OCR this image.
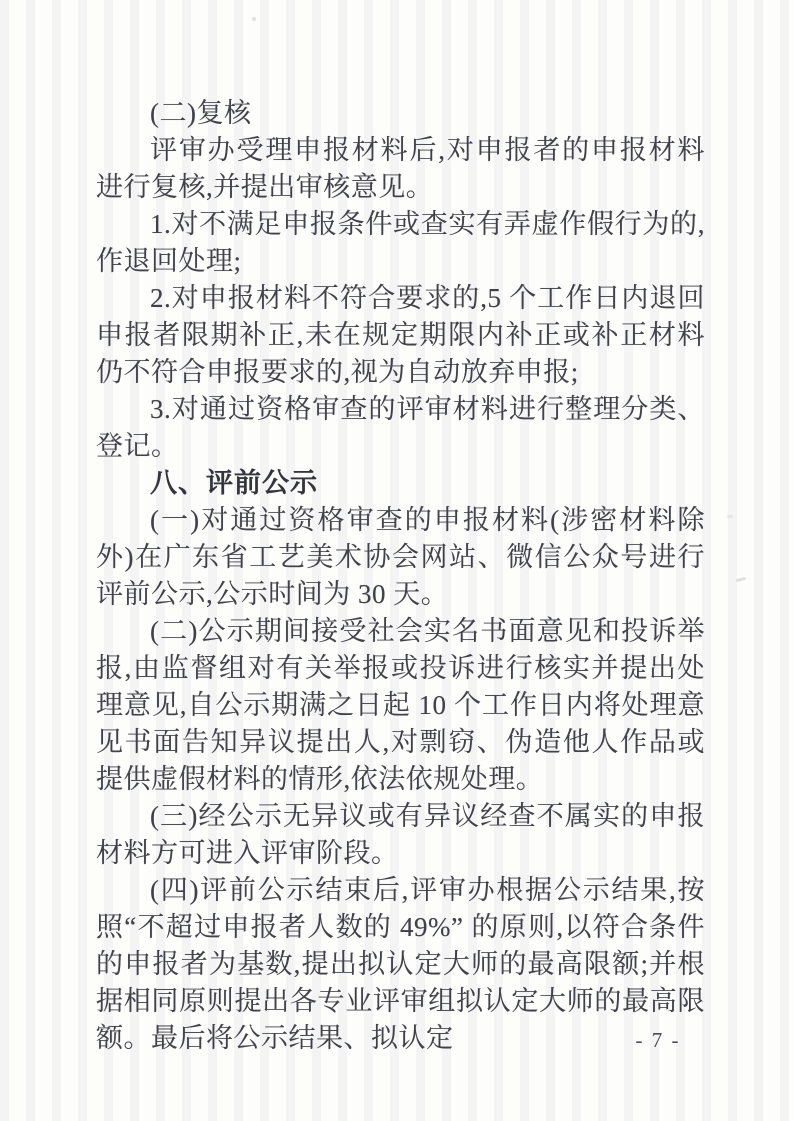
(二)复核

评审办受理申报材料后,对申报者的申报材料进行复核,并提出审核意见。

1.对不满足申报条件或查实有弄虚作假行为的,作退回处理;

2.对申报材料不符合要求的,5 个工作日内退回申报者限期补正,未在规定期限内补正或补正材料仍不符合申报要求的,视为自动放弃申报;

3.对通过资格审查的评审材料进行整理分类、登记。

八、评前公示

(一)对通过资格审查的申报材料(涉密材料除外)在广东省工艺美术协会网站、微信公众号进行评前公示,公示时间为 30 天。

(二)公示期间接受社会实名书面意见和投诉举报,由监督组对有关举报或投诉进行核实并提出处理意见,自公示期满之日起 10 个工作日内将处理意见书面告知异议提出人,对剽窃、伪造他人作品或提供虚假材料的情形,依法依规处理。

(三)经公示无异议或有异议经查不属实的申报材料方可进入评审阶段。

(四)评前公示结束后,评审办根据公示结果,按照“不超过申报者人数的 49%” 的原则,以符合条件的申报者为基数,提出拟认定大师的最高限额;并根据相同原则提出各专业评审组拟认定大师的最高限额。最后将公示结果、拟认定	- 7 -
